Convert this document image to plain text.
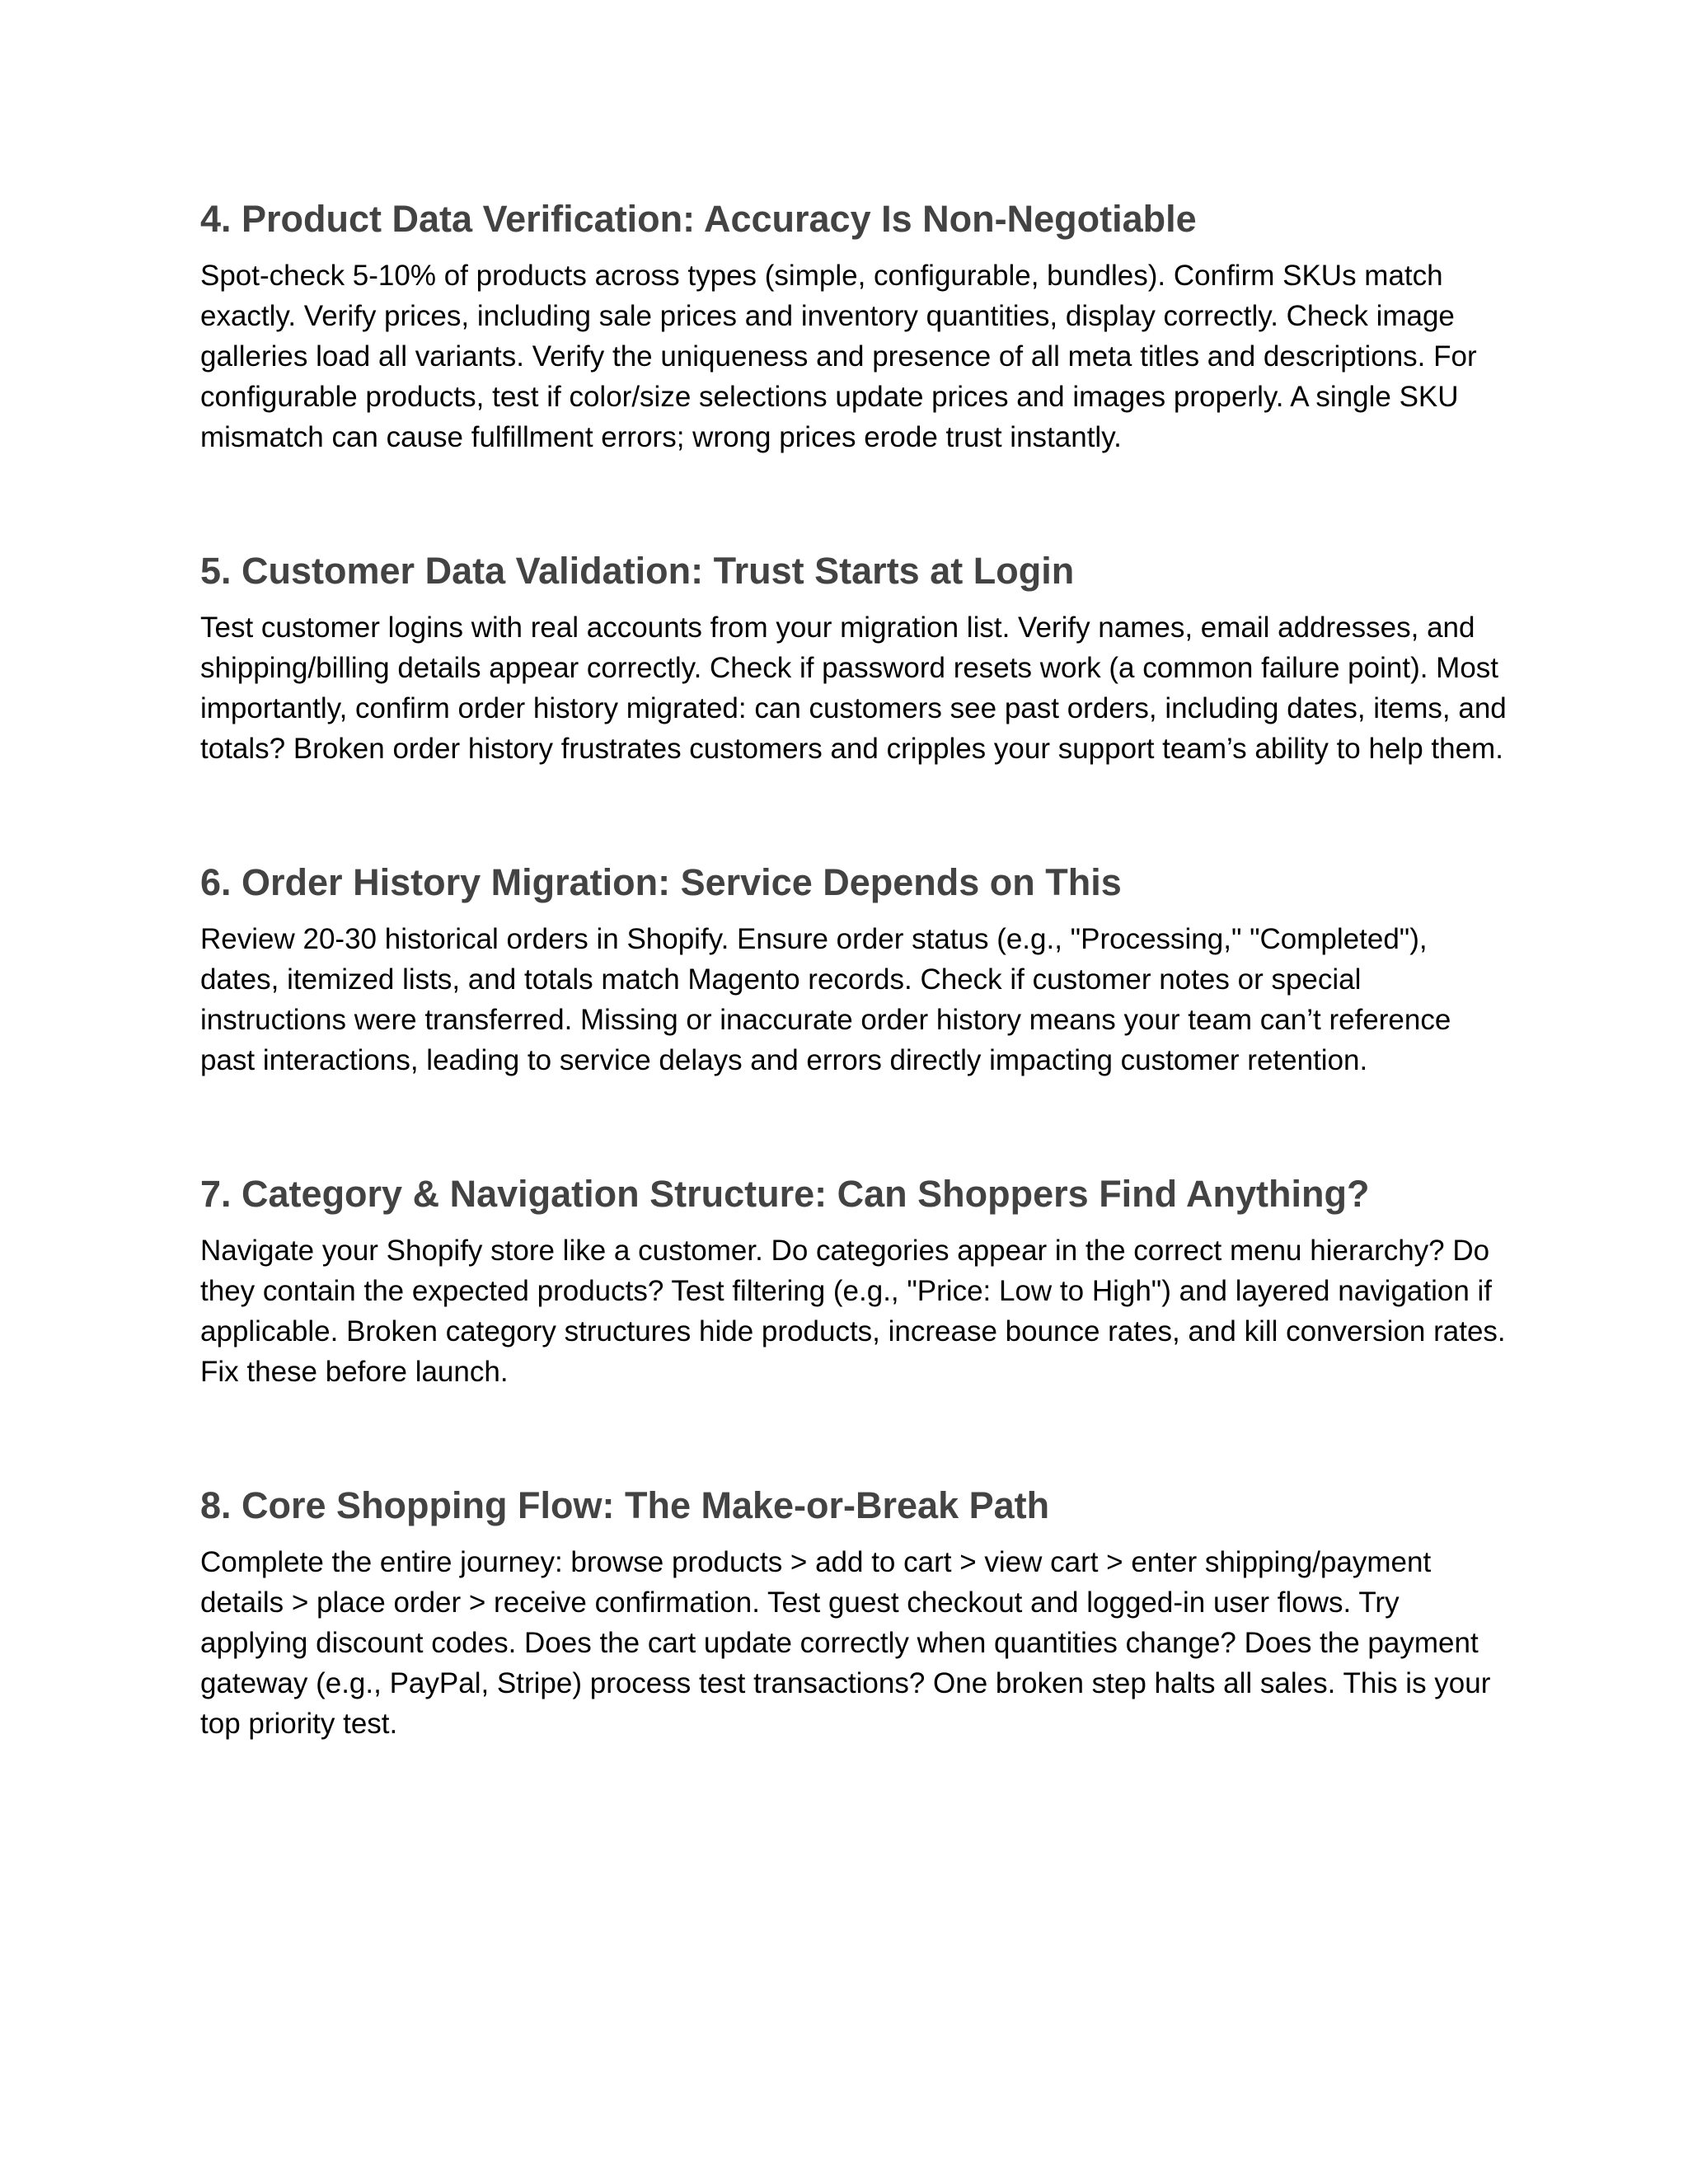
4. Product Data Verification: Accuracy Is Non-Negotiable

Spot-check 5-10% of products across types (simple, configurable, bundles). Confirm SKUs match exactly. Verify prices, including sale prices and inventory quantities, display correctly. Check image galleries load all variants. Verify the uniqueness and presence of all meta titles and descriptions. For configurable products, test if color/size selections update prices and images properly. A single SKU mismatch can cause fulfillment errors; wrong prices erode trust instantly.

5. Customer Data Validation: Trust Starts at Login

Test customer logins with real accounts from your migration list. Verify names, email addresses, and shipping/billing details appear correctly. Check if password resets work (a common failure point). Most importantly, confirm order history migrated: can customers see past orders, including dates, items, and totals? Broken order history frustrates customers and cripples your support team’s ability to help them.

6. Order History Migration: Service Depends on This

Review 20-30 historical orders in Shopify. Ensure order status (e.g., "Processing," "Completed"), dates, itemized lists, and totals match Magento records. Check if customer notes or special instructions were transferred. Missing or inaccurate order history means your team can’t reference past interactions, leading to service delays and errors directly impacting customer retention.

7. Category & Navigation Structure: Can Shoppers Find Anything?

Navigate your Shopify store like a customer. Do categories appear in the correct menu hierarchy? Do they contain the expected products? Test filtering (e.g., "Price: Low to High") and layered navigation if applicable. Broken category structures hide products, increase bounce rates, and kill conversion rates. Fix these before launch.

8. Core Shopping Flow: The Make-or-Break Path

Complete the entire journey: browse products > add to cart > view cart > enter shipping/payment details > place order > receive confirmation. Test guest checkout and logged-in user flows. Try applying discount codes. Does the cart update correctly when quantities change? Does the payment gateway (e.g., PayPal, Stripe) process test transactions? One broken step halts all sales. This is your top priority test.
